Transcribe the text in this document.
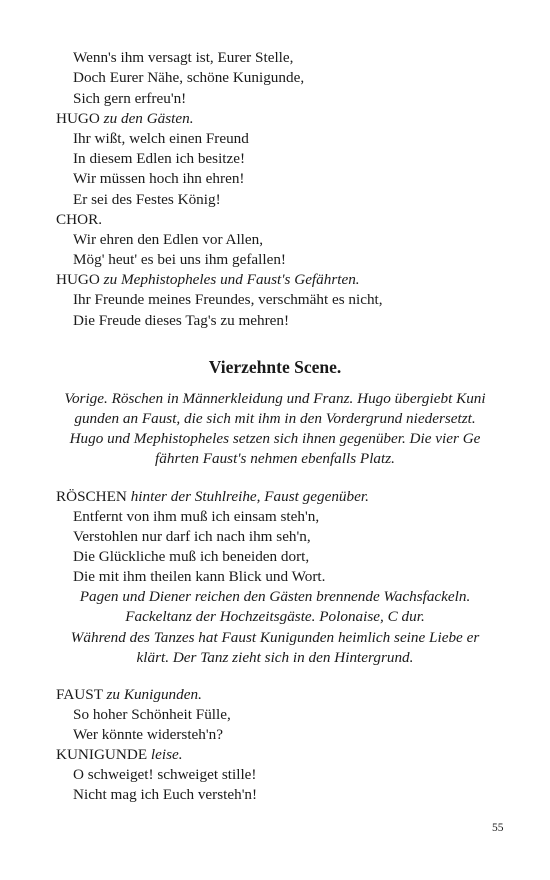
Wenn's ihm versagt ist, Eurer Stelle,
Doch Eurer Nähe, schöne Kunigunde,
Sich gern erfreu'n!
HUGO zu den Gästen.
Ihr wißt, welch einen Freund
In diesem Edlen ich besitze!
Wir müssen hoch ihn ehren!
Er sei des Festes König!
CHOR.
Wir ehren den Edlen vor Allen,
Mög' heut' es bei uns ihm gefallen!
HUGO zu Mephistopheles und Faust's Gefährten.
Ihr Freunde meines Freundes, verschmäht es nicht,
Die Freude dieses Tag's zu mehren!
Vierzehnte Scene.
Vorige. Röschen in Männerkleidung und Franz. Hugo übergiebt Kuni
gunden an Faust, die sich mit ihm in den Vordergrund niedersetzt.
Hugo und Mephistopheles setzen sich ihnen gegenüber. Die vier Ge
fährten Faust's nehmen ebenfalls Platz.
RÖSCHEN hinter der Stuhlreihe, Faust gegenüber.
Entfernt von ihm muß ich einsam steh'n,
Verstohlen nur darf ich nach ihm seh'n,
Die Glückliche muß ich beneiden dort,
Die mit ihm theilen kann Blick und Wort.
Pagen und Diener reichen den Gästen brennende Wachsfackeln.
Fackeltanz der Hochzeitsgäste. Polonaise, C dur.
Während des Tanzes hat Faust Kunigunden heimlich seine Liebe er
klärt. Der Tanz zieht sich in den Hintergrund.
FAUST zu Kunigunden.
So hoher Schönheit Fülle,
Wer könnte widersteh'n?
KUNIGUNDE leise.
O schweiget! schweiget stille!
Nicht mag ich Euch versteh'n!
55
